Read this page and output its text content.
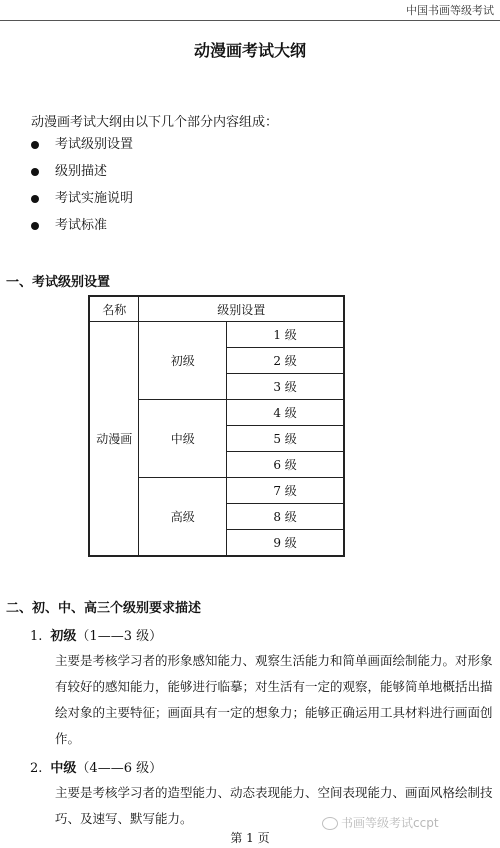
中国书画等级考试
动漫画考试大纲
动漫画考试大纲由以下几个部分内容组成：
考试级别设置
级别描述
考试实施说明
考试标准
一、考试级别设置
名称	级别设置	
动漫画	初级	1 级
		2 级
		3 级
	中级	4 级
		5 级
		6 级
	高级	7 级
		8 级
		9 级
二、初、中、高三个级别要求描述
1. 初级（1——3 级）

主要是考核学习者的形象感知能力、观察生活能力和简单画面绘制能力。对形象有较好的感知能力，能够进行临摹；对生活有一定的观察，能够简单地概括出描绘对象的主要特征；画面具有一定的想象力；能够正确运用工具材料进行画面创作。

2. 中级（4——6 级）

主要是考核学习者的造型能力、动态表现能力、空间表现能力、画面风格绘制技巧、及速写、默写能力。	书画等级考试ccpt
第 1 页
